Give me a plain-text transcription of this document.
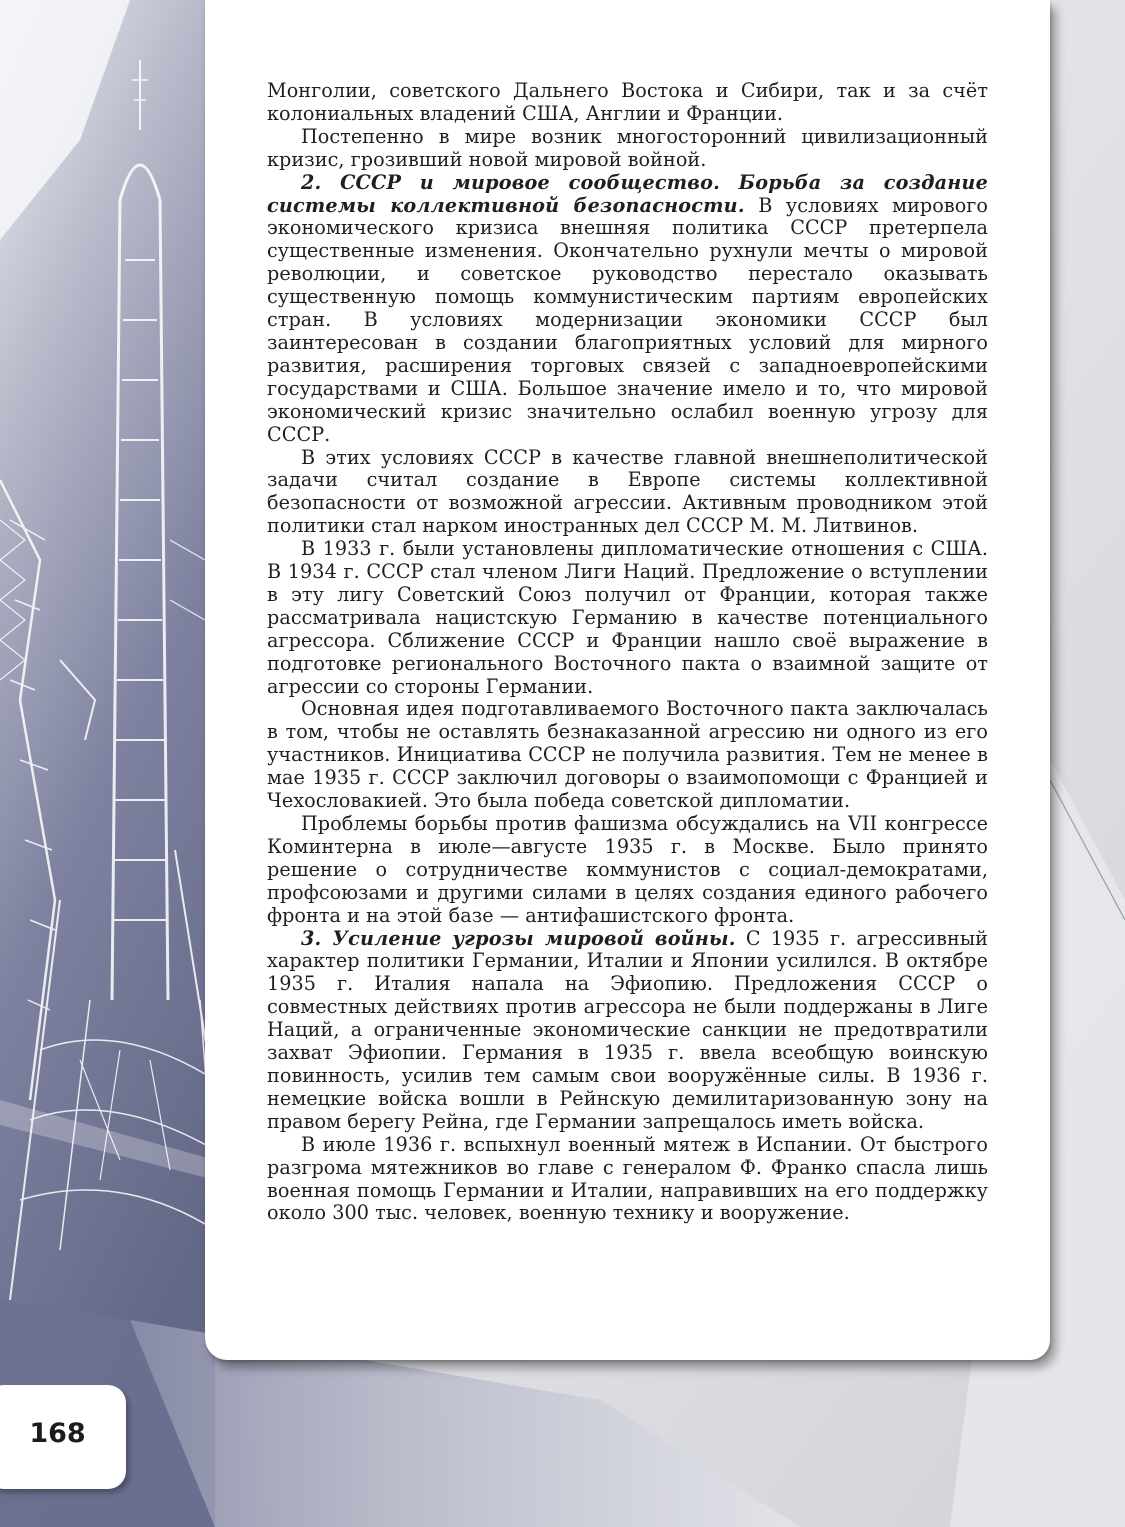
Монголии, советского Дальнего Востока и Сибири, так и за счёт колониальных владений США, Англии и Франции.

Постепенно в мире возник многосторонний цивилизационный кризис, грозивший новой мировой войной.

2. СССР и мировое сообщество. Борьба за создание системы коллективной безопасности. В условиях мирового экономического кризиса внешняя политика СССР претерпела существенные изменения. Окончательно рухнули мечты о мировой революции, и советское руководство перестало оказывать существенную помощь коммунистическим партиям европейских стран. В условиях модернизации экономики СССР был заинтересован в создании благоприятных условий для мирного развития, расширения торговых связей с западноевропейскими государствами и США. Большое значение имело и то, что мировой экономический кризис значительно ослабил военную угрозу для СССР.

В этих условиях СССР в качестве главной внешнеполитической задачи считал создание в Европе системы коллективной безопасности от возможной агрессии. Активным проводником этой политики стал нарком иностранных дел СССР М. М. Литвинов.

В 1933 г. были установлены дипломатические отношения с США. В 1934 г. СССР стал членом Лиги Наций. Предложение о вступлении в эту лигу Советский Союз получил от Франции, которая также рассматривала нацистскую Германию в качестве потенциального агрессора. Сближение СССР и Франции нашло своё выражение в подготовке регионального Восточного пакта о взаимной защите от агрессии со стороны Германии.

Основная идея подготавливаемого Восточного пакта заключалась в том, чтобы не оставлять безнаказанной агрессию ни одного из его участников. Инициатива СССР не получила развития. Тем не менее в мае 1935 г. СССР заключил договоры о взаимопомощи с Францией и Чехословакией. Это была победа советской дипломатии.

Проблемы борьбы против фашизма обсуждались на VII конгрессе Коминтерна в июле—августе 1935 г. в Москве. Было принято решение о сотрудничестве коммунистов с социал-демократами, профсоюзами и другими силами в целях создания единого рабочего фронта и на этой базе — антифашистского фронта.

3. Усиление угрозы мировой войны. С 1935 г. агрессивный характер политики Германии, Италии и Японии усилился. В октябре 1935 г. Италия напала на Эфиопию. Предложения СССР о совместных действиях против агрессора не были поддержаны в Лиге Наций, а ограниченные экономические санкции не предотвратили захват Эфиопии. Германия в 1935 г. ввела всеобщую воинскую повинность, усилив тем самым свои вооружённые силы. В 1936 г. немецкие войска вошли в Рейнскую демилитаризованную зону на правом берегу Рейна, где Германии запрещалось иметь войска.

В июле 1936 г. вспыхнул военный мятеж в Испании. От быстрого разгрома мятежников во главе с генералом Ф. Франко спасла лишь военная помощь Германии и Италии, направивших на его поддержку около 300 тыс. человек, военную технику и вооружение.

168
